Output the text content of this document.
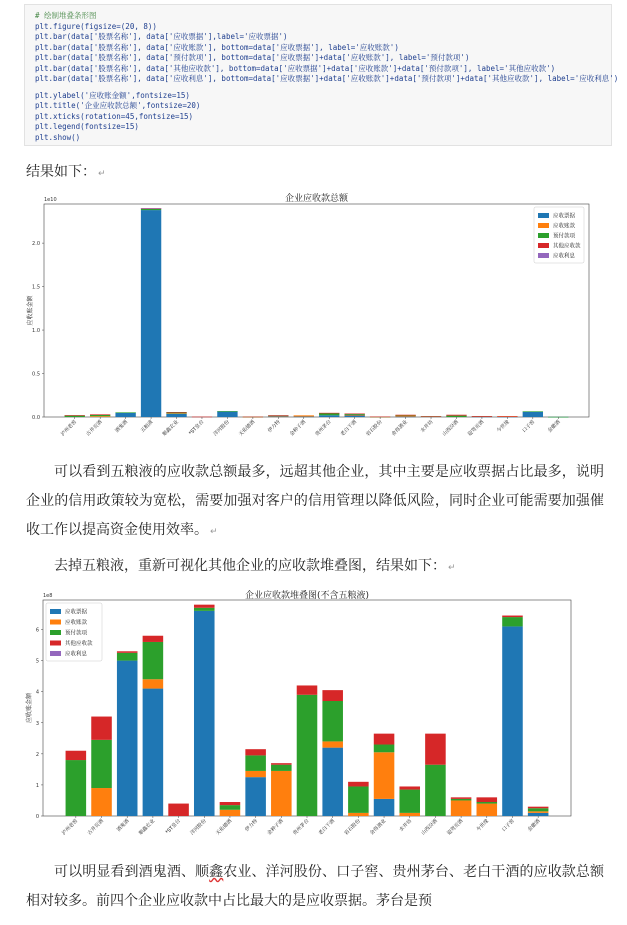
# 绘制堆叠条形图
plt.figure(figsize=(20, 8))
plt.bar(data['股票名称'], data['应收票据'],label='应收票据')
plt.bar(data['股票名称'], data['应收账款'], bottom=data['应收票据'], label='应收账款')
plt.bar(data['股票名称'], data['预付款项'], bottom=data['应收票据']+data['应收账款'], label='预付款项')
plt.bar(data['股票名称'], data['其他应收款'], bottom=data['应收票据']+data['应收账款']+data['预付款项'], label='其他应收款')
plt.bar(data['股票名称'], data['应收利息'], bottom=data['应收票据']+data['应收账款']+data['预付款项']+data['其他应收款'], label='应收利息')
plt.ylabel('应收账金额',fontsize=15)
plt.title('企业应收款总额',fontsize=20)
plt.xticks(rotation=45,fontsize=15)
plt.legend(fontsize=15)
plt.show()
结果如下： ↵
企业应收款总额
1e10
0.0
0.5
1.0
1.5
2.0
应收账金额
泸州老窖 古井贡酒 酒鬼酒 五粮液 顺鑫农业 *ST皇台 洋河股份 天佑德酒 伊力特 金种子酒 贵州茅台 老白干酒 岩石股份 舍得酒业 水井坊 山西汾酒 迎驾贡酒 今世缘 口子窖 金徽酒
应收票据
应收账款
预付款项
其他应收款
应收利息
可以看到五粮液的应收款总额最多，远超其他企业，其中主要是应收票据占比最多，说明企业的信用政策较为宽松，需要加强对客户的信用管理以降低风险，同时企业可能需要加强催收工作以提高资金使用效率。 ↵
去掉五粮液，重新可视化其他企业的应收款堆叠图，结果如下： ↵
企业应收款堆叠图(不含五粮液)
1e8
0
1
2
3
4
5
6
应收账金额
泸州老窖 古井贡酒 酒鬼酒 顺鑫农业 *ST皇台 洋河股份 天佑德酒 伊力特 金种子酒 贵州茅台 老白干酒 岩石股份 舍得酒业 水井坊 山西汾酒 迎驾贡酒 今世缘 口子窖 金徽酒
应收票据
应收账款
预付款项
其他应收款
应收利息
可以明显看到酒鬼酒、顺鑫农业、洋河股份、口子窖、贵州茅台、老白干酒的应收款总额相对较多。前四个企业应收款中占比最大的是应收票据。茅台是预
